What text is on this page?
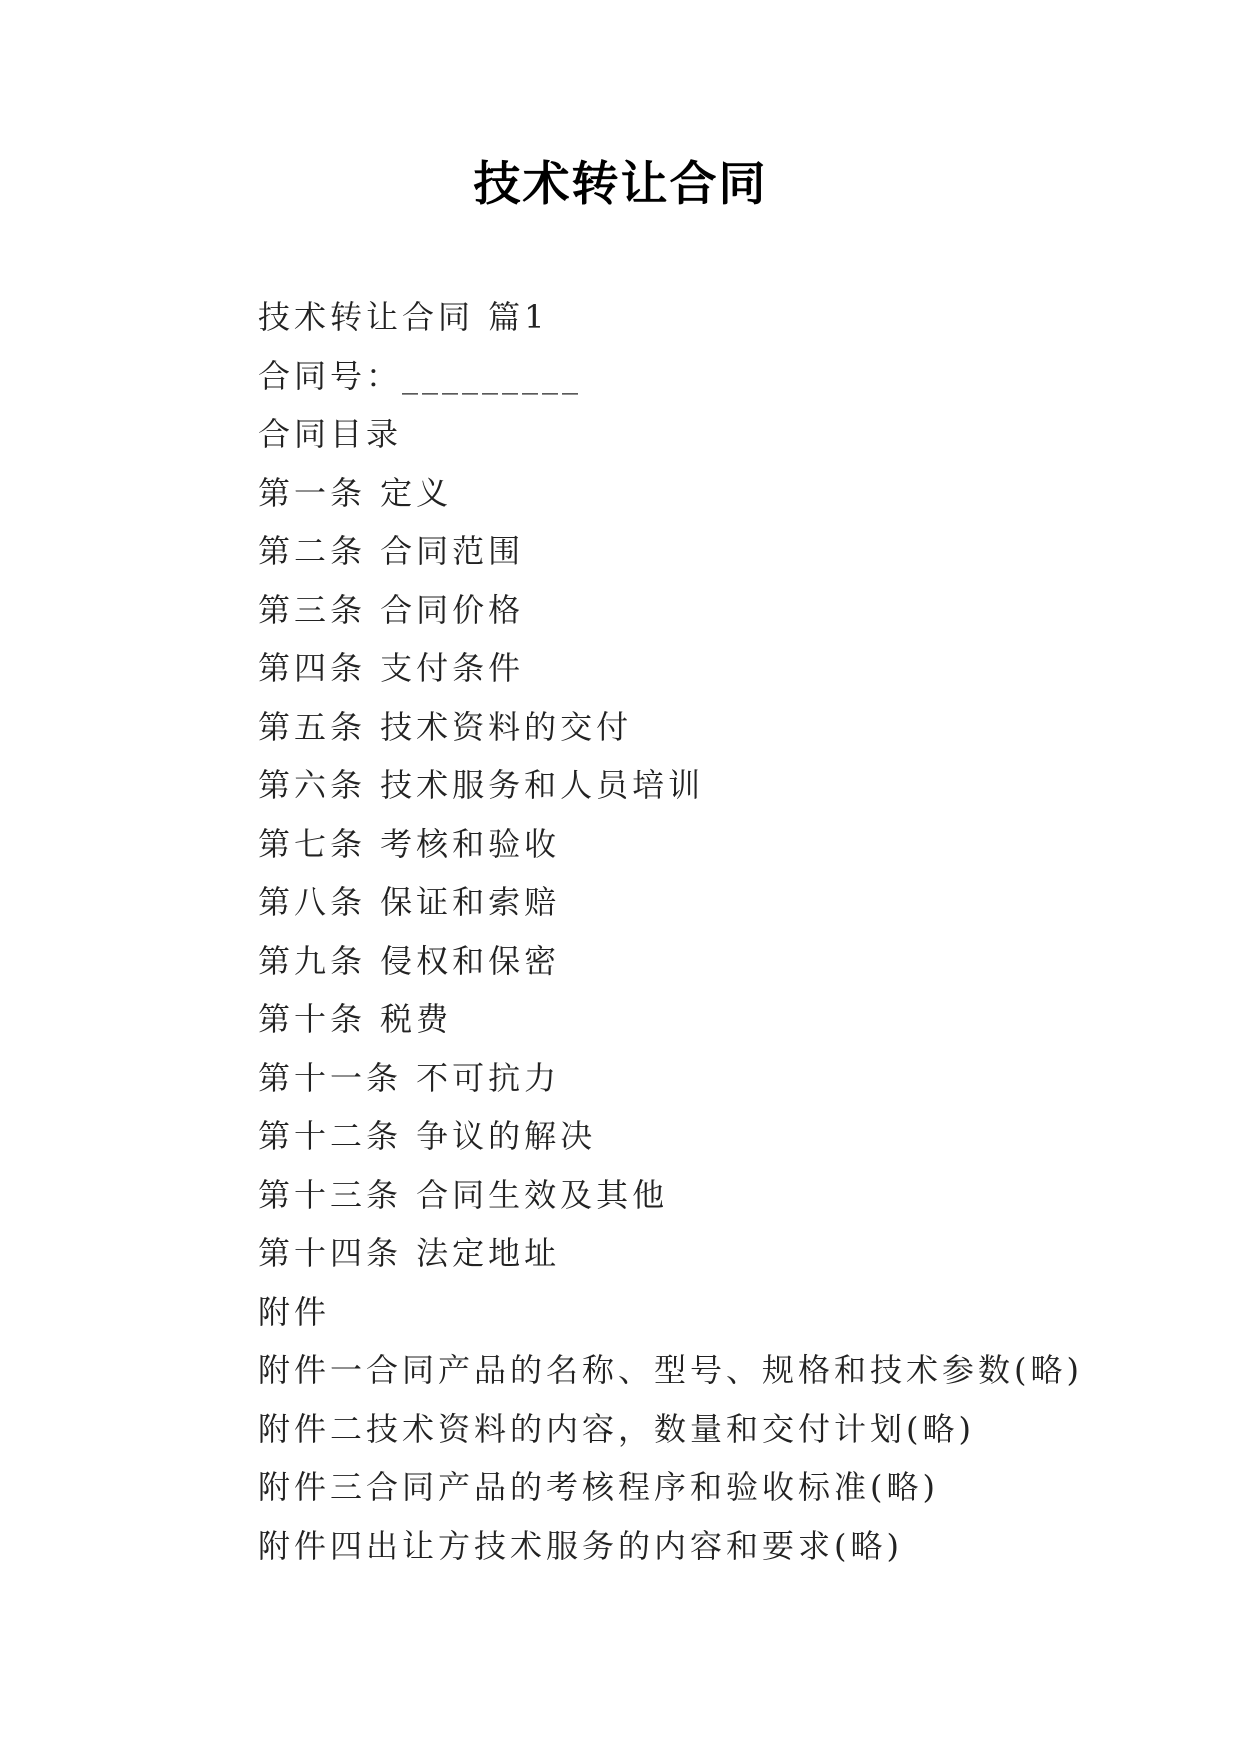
技术转让合同
技术转让合同 篇1
合同号：_________
合同目录
第一条 定义
第二条 合同范围
第三条 合同价格
第四条 支付条件
第五条 技术资料的交付
第六条 技术服务和人员培训
第七条 考核和验收
第八条 保证和索赔
第九条 侵权和保密
第十条 税费
第十一条 不可抗力
第十二条 争议的解决
第十三条 合同生效及其他
第十四条 法定地址
附件
附件一合同产品的名称、型号、规格和技术参数(略)
附件二技术资料的内容，数量和交付计划(略)
附件三合同产品的考核程序和验收标准(略)
附件四出让方技术服务的内容和要求(略)
